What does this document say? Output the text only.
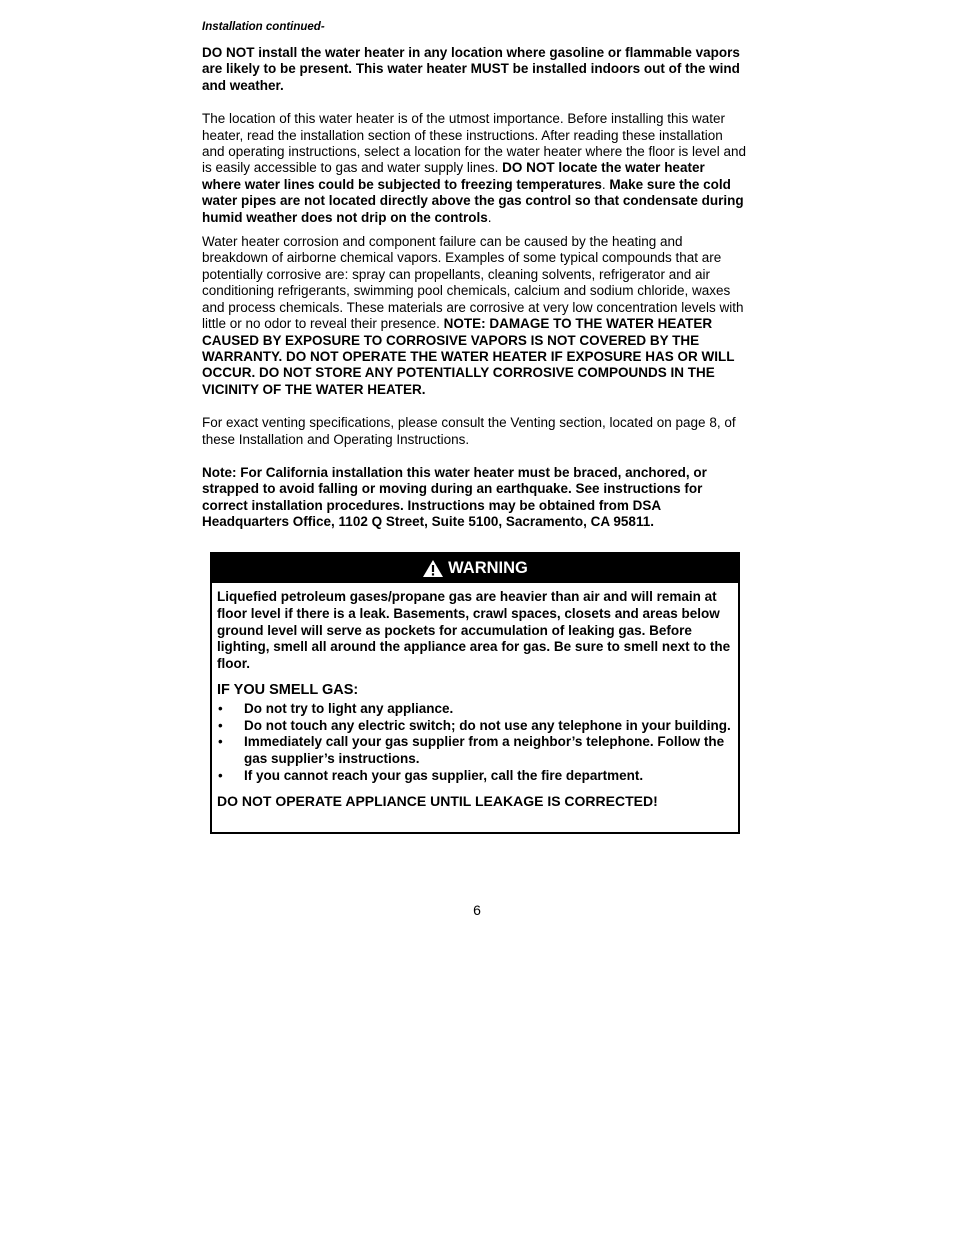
Installation continued-

DO NOT install the water heater in any location where gasoline or flammable vapors are likely to be present. This water heater MUST be installed indoors out of the wind and weather.

The location of this water heater is of the utmost importance. Before installing this water heater, read the installation section of these instructions. After reading these installation and operating instructions, select a location for the water heater where the floor is level and is easily accessible to gas and water supply lines. DO NOT locate the water heater where water lines could be subjected to freezing temperatures. Make sure the cold water pipes are not located directly above the gas control so that condensate during humid weather does not drip on the controls.

Water heater corrosion and component failure can be caused by the heating and breakdown of airborne chemical vapors. Examples of some typical compounds that are potentially corrosive are: spray can propellants, cleaning solvents, refrigerator and air conditioning refrigerants, swimming pool chemicals, calcium and sodium chloride, waxes and process chemicals. These materials are corrosive at very low concentration levels with little or no odor to reveal their presence. NOTE: DAMAGE TO THE WATER HEATER CAUSED BY EXPOSURE TO CORROSIVE VAPORS IS NOT COVERED BY THE WARRANTY. DO NOT OPERATE THE WATER HEATER IF EXPOSURE HAS OR WILL OCCUR. DO NOT STORE ANY POTENTIALLY CORROSIVE COMPOUNDS IN THE VICINITY OF THE WATER HEATER.

For exact venting specifications, please consult the Venting section, located on page 8, of these Installation and Operating Instructions.

Note: For California installation this water heater must be braced, anchored, or strapped to avoid falling or moving during an earthquake. See instructions for correct installation procedures. Instructions may be obtained from DSA Headquarters Office, 1102 Q Street, Suite 5100, Sacramento, CA 95811.

WARNING

Liquefied petroleum gases/propane gas are heavier than air and will remain at floor level if there is a leak. Basements, crawl spaces, closets and areas below ground level will serve as pockets for accumulation of leaking gas. Before lighting, smell all around the appliance area for gas. Be sure to smell next to the floor.

IF YOU SMELL GAS:
• Do not try to light any appliance.
• Do not touch any electric switch; do not use any telephone in your building.
• Immediately call your gas supplier from a neighbor’s telephone. Follow the gas supplier’s instructions.
• If you cannot reach your gas supplier, call the fire department.
DO NOT OPERATE APPLIANCE UNTIL LEAKAGE IS CORRECTED!
6
